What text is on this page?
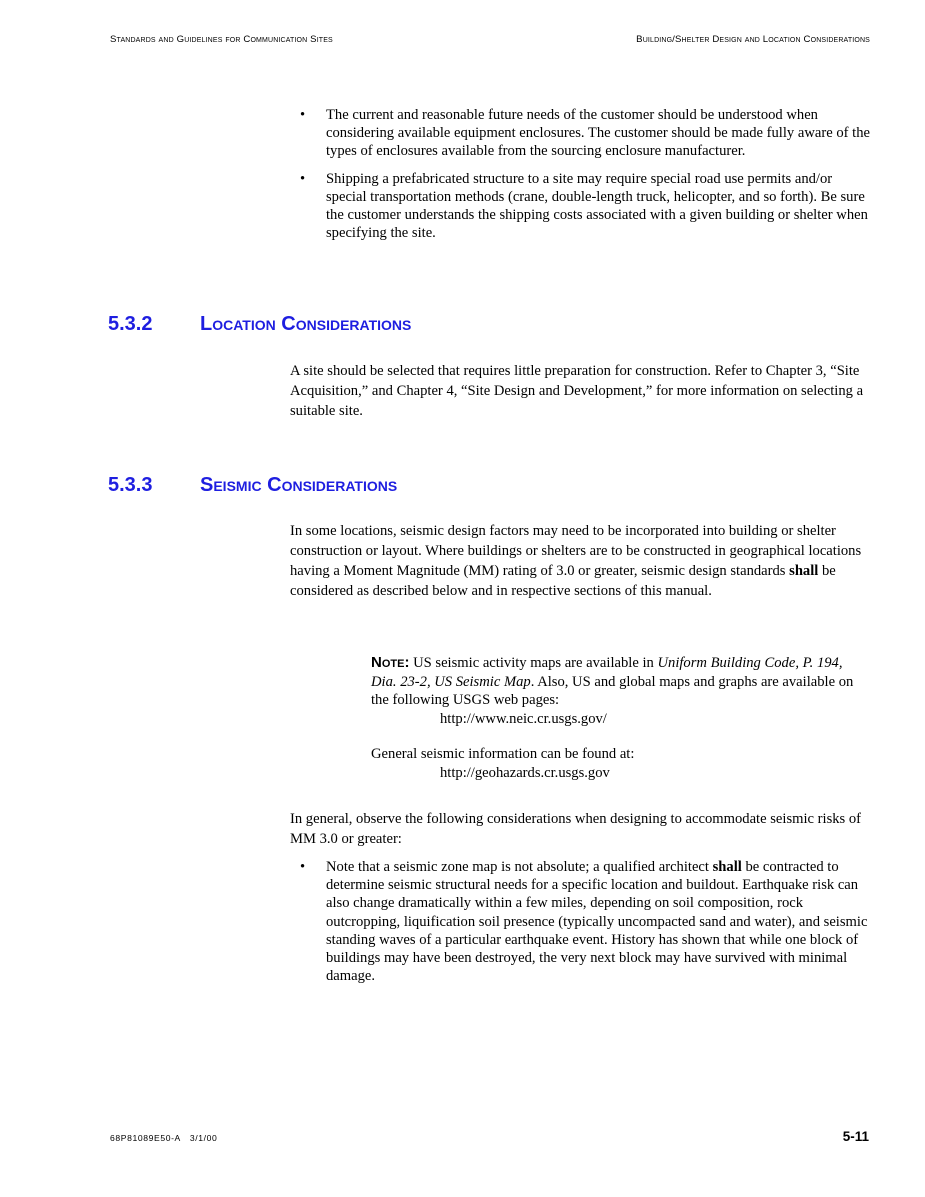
Standards and Guidelines for Communication Sites	Building/Shelter Design and Location Considerations
• The current and reasonable future needs of the customer should be understood when considering available equipment enclosures. The customer should be made fully aware of the types of enclosures available from the sourcing enclosure manufacturer.
• Shipping a prefabricated structure to a site may require special road use permits and/or special transportation methods (crane, double-length truck, helicopter, and so forth). Be sure the customer understands the shipping costs associated with a given building or shelter when specifying the site.
5.3.2 Location Considerations
A site should be selected that requires little preparation for construction. Refer to Chapter 3, “Site Acquisition,” and Chapter 4, “Site Design and Development,” for more information on selecting a suitable site.
5.3.3 Seismic Considerations
In some locations, seismic design factors may need to be incorporated into building or shelter construction or layout. Where buildings or shelters are to be constructed in geographical locations having a Moment Magnitude (MM) rating of 3.0 or greater, seismic design standards shall be considered as described below and in respective sections of this manual.
Note: US seismic activity maps are available in Uniform Building Code, P. 194, Dia. 23-2, US Seismic Map. Also, US and global maps and graphs are available on the following USGS web pages:
http://www.neic.cr.usgs.gov/
General seismic information can be found at:
http://geohazards.cr.usgs.gov
In general, observe the following considerations when designing to accommodate seismic risks of MM 3.0 or greater:
• Note that a seismic zone map is not absolute; a qualified architect shall be contracted to determine seismic structural needs for a specific location and buildout. Earthquake risk can also change dramatically within a few miles, depending on soil composition, rock outcropping, liquification soil presence (typically uncompacted sand and water), and seismic standing waves of a particular earthquake event. History has shown that while one block of buildings may have been destroyed, the very next block may have survived with minimal damage.
68P81089E50-A 3/1/00	5-11
